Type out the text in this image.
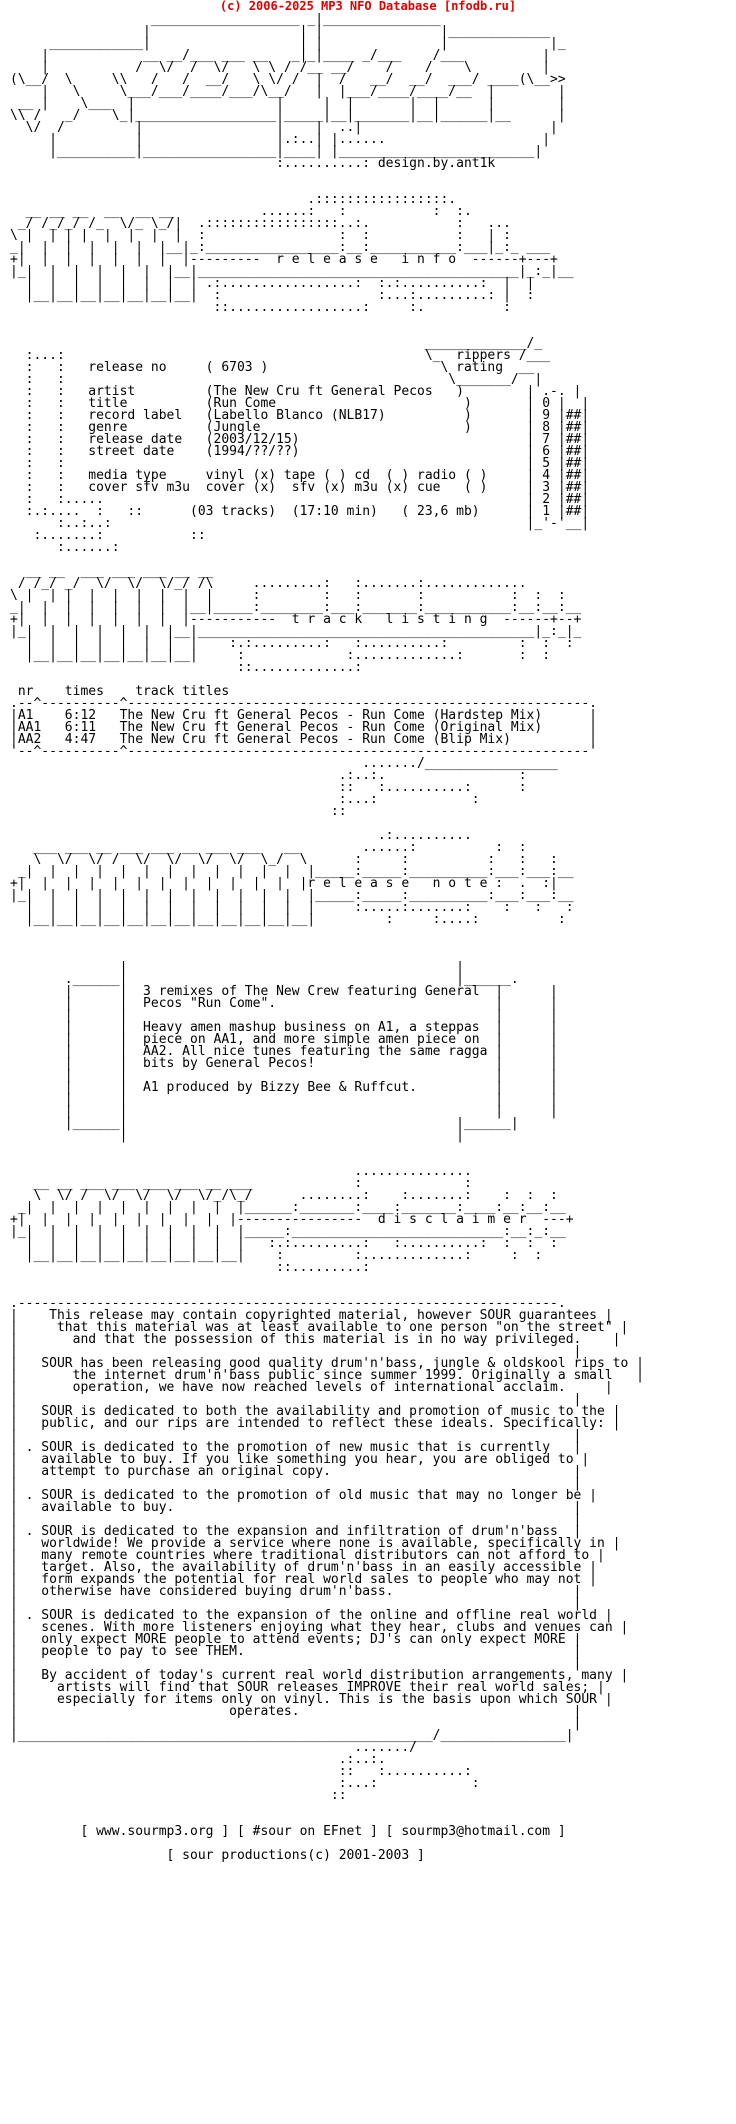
(c) 2006-2025 MP3 NFO Database [nfodb.ru]
___________________ _|_______________
|                   | |               |_____________
____________|                   | |               |             |_
|            __ __/___ ___ __   _|_|____ _/___    /___          |
|           /  \/  /  \/   \ \ / /__ __/    /    /    \         |
(\__/  \     \\   /   /  __/   \ \/ /  |  /   __/  __/  ___/ ____(\__>>
|   \     \___/___/____/___/\__/   |  |___/____/____/__  |        |
__ |    \___  |                  |     |  |       |  |      |        |
\\ /   _/    \_|__________________|_____|__|_______|__|______|__      |
\/  /         |                 |    |  ..|                        |
|          |                 |.:..| |......                    |
|__________|_________________|____| |_________________________|
:..........: design.by.ant1k

.:::::::::::::::::.
__ __ __  __  __ __           ......:   :           :  :.
_/ /_/_/ /_  \/_ \_/|  .:::::::::::::::::..:.           :   ...
\ |  | | |  |  |  |  |  :                 :  :           :   | :
_|  |  |  |  |  |  |__|_:_________________:__:___________:___|_:_ ___
+|  |  |  |  |  |  |  |---------  r e l e a s e   i n f o  ------+---+
|_|  |  |  |  |  |  |__|_________________________________________|_:_|__
|  |  |  |  |  |  |  | .:.................:  :.:..........:  |  |
|__|__|__|__|__|__|__|  :                    :...:.........: |  :
::.................:     :.          :

_____________/_
:...:                                              \_  rippers /___
:   :   release no     ( 6703 )                      \ rating  __
:   :                                                 \_______/  |
:   :   artist         (The New Cru ft General Pecos   )        | .-. |
:   :   title          (Run Come                        )       | 0 |  |
:   :   record label   (Labello Blanco (NLB17)          )       | 9 |##|
:   :   genre          (Jungle                          )       | 8 |##|
:   :   release date   (2003/12/15)                             | 7 |##|
:   :   street date    (1994/??/??)                             | 6 |##|
:   :                                                           | 5 |##|
:   :   media type     vinyl (x) tape ( ) cd  ( ) radio ( )     | 4 |##|
:   :   cover sfv m3u  cover (x)  sfv (x) m3u (x) cue   ( )     | 3 |##|
:   :.....                                                      | 2 |##|
:.:....  :   ::      (03 tracks)  (17:10 min)   ( 23,6 mb)      | 1 |##|
:..:..:                                                     |_'-'__|
:.......:           ::
:......:

__ __  ___ ___ ___ __ __
/ /_/ _/  \/  \/  \/_/ /\     .........:   :.......:.............
\ |  | |  |  |  |  |  |  |     :        :   :       :           :  :  :
_|  |  |  |  |  |  |  |__|_____:________:___:_______:___________:__:__:__
+|  |  |  |  |  |  |  |-----------  t r a c k   l i s t i n g  ------+--+
|_|  |  |  |  |  |  |__|___________________________________________|_:_|_
|  |  |  |  |  |  |  |    :.:.........:   :..........:         :  :  :
|__|__|__|__|__|__|__|     :             :.............:       :  :
::.............:

nr    times    track titles
.--^----------^-----------------------------------------------------------.
|A1    6:12   The New Cru ft General Pecos - Run Come (Hardstep Mix)      |
|AA1   6:11   The New Cru ft General Pecos - Run Come (Original Mix)      |
|AA2   4:47   The New Cru ft General Pecos - Run Come (Blip Mix)          |
'--^----------^-----------------------------------------------------------'
......./_________________
.:..:.                 :
::   :..........:      :
:...:            :
::

.:..........
___ ___ __ ___ ___ __ ___ ___   __        ......:          :  :
\  \/  \/ /  \/  \/  \/  \/  \_/  \      :     :          :   :   :
_|  |  |  |  |  |  |  |  |  |  |  |  |_____:_____:__________:___:___:__
+|  |  |  |  |  |  |  |  |  |  |  |  |r e l e a s e   n o t e :  .  :|
|_|  |  |  |  |  |  |  |  |  |  |  |  |_____:_____:__________:___:___:__
|  |  |  |  |  |  |  |  |  |  |  |  |     :.....:.......:    :   :   :
|__|__|__|__|__|__|__|__|__|__|__|__|         :     :....:          :

|                                          |
.______|                                          |______.
|      |  3 remixes of The New Crew featuring General  |      |
|      |  Pecos "Run Come".                            |      |
|      |                                               |      |
|      |  Heavy amen mashup business on A1, a steppas  |      |
|      |  piece on AA1, and more simple amen piece on  |      |
|      |  AA2. All nice tunes featuring the same ragga |      |
|      |  bits by General Pecos!                       |      |
|      |                                               |      |
|      |  A1 produced by Bizzy Bee & Ruffcut.          |      |
|      |                                               |      |
|      |                                               |      |
|______|                                          |______|
|                                          |

...............
__ __ ___ ___ ___ ___ __ ___             :             :
\  \/ /  \/  \/  \/  \/_/\_/      ........:    :.......:    :  :  :
_|  |  |  |  |  |  |  |  |  |______:_______:____:_______:____:__:__:__
+|  |  |  |  |  |  |  |  |  |----------------  d i s c l a i m e r  ---+
|_|  |  |  |  |  |  |  |  |  |_____:___________________________:__:_:__
|  |  |  |  |  |  |  |  |  |   :.:.........:   :..........:  :  :  :
|__|__|__|__|__|__|__|__|__|    :         :.............:     :  :
::.........:

.---------------------------------------------------------------------.
|    This release may contain copyrighted material, however SOUR guarantees |
|     that this material was at least available to one person "on the street" |
|       and that the possession of this material is in no way privileged.    |
|                                                                       |
|   SOUR has been releasing good quality drum'n'bass, jungle & oldskool rips to |
|       the internet drum'n'bass public since summer 1999. Originally a small   |
|       operation, we have now reached levels of international acclaim.     |
|                                                                       |
|   SOUR is dedicated to both the availability and promotion of music to the |
|   public, and our rips are intended to reflect these ideals. Specifically: |
|                                                                       |
| . SOUR is dedicated to the promotion of new music that is currently   |
|   available to buy. If you like something you hear, you are obliged to |
|   attempt to purchase an original copy.                               |
|                                                                       |
| . SOUR is dedicated to the promotion of old music that may no longer be |
|   available to buy.                                                   |
|                                                                       |
| . SOUR is dedicated to the expansion and infiltration of drum'n'bass  |
|   worldwide! We provide a service where none is available, specifically in |
|   many remote countries where traditional distributors can not afford to |
|   target. Also, the availability of drum'n'bass in an easily accessible |
|   form expands the potential for real world sales to people who may not |
|   otherwise have considered buying drum'n'bass.                       |
|                                                                       |
| . SOUR is dedicated to the expansion of the online and offline real world |
|   scenes. With more listeners enjoying what they hear, clubs and venues can |
|   only expect MORE people to attend events; DJ's can only expect MORE |
|   people to pay to see THEM.                                          |
|                                                                       |
|   By accident of today's current real world distribution arrangements, many |
|     artists will find that SOUR releases IMPROVE their real world sales; |
|     especially for items only on vinyl. This is the basis upon which SOUR |
|                           operates.                                   |
|                                                                       |
|_____________________________________________________/________________|
......./
.:..:.
::   :..........:
:...:            :
::

[ www.sourmp3.org ] [ #sour on EFnet ] [ sourmp3@hotmail.com ]

[ sour productions(c) 2001-2003 ]
